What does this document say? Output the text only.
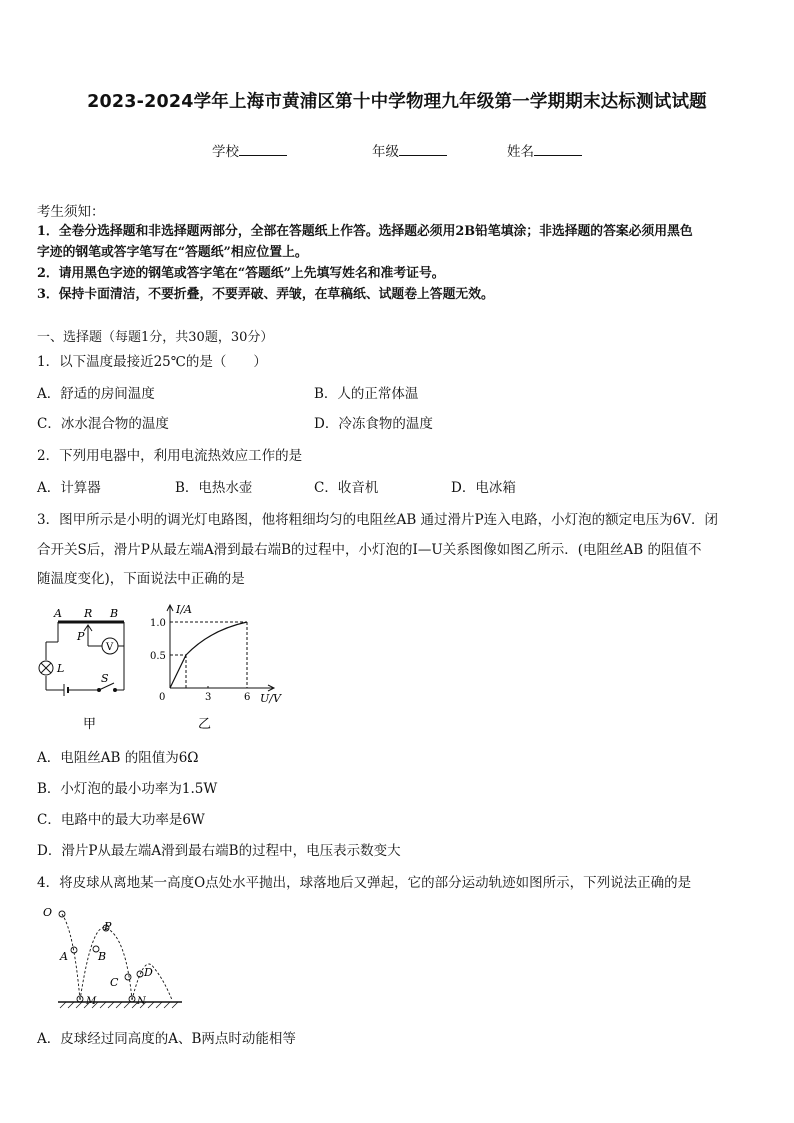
2023-2024学年上海市黄浦区第十中学物理九年级第一学期期末达标测试试题
学校	年级	姓名
考生须知：
1．全卷分选择题和非选择题两部分，全部在答题纸上作答。选择题必须用2B铅笔填涂；非选择题的答案必须用黑色
字迹的钢笔或答字笔写在“答题纸”相应位置上。
2．请用黑色字迹的钢笔或答字笔在“答题纸”上先填写姓名和准考证号。
3．保持卡面清洁，不要折叠，不要弄破、弄皱，在草稿纸、试题卷上答题无效。
一、选择题（每题1分，共30题，30分）
1．以下温度最接近25℃的是（　　）
A．舒适的房间温度	B．人的正常体温
C．冰水混合物的温度	D．冷冻食物的温度
2．下列用电器中，利用电流热效应工作的是
A．计算器	B．电热水壶	C．收音机	D．电冰箱
3．图甲所示是小明的调光灯电路图，他将粗细均匀的电阻丝AB 通过滑片P连入电路，小灯泡的额定电压为6V．闭
合开关S后，滑片P从最左端A滑到最右端B的过程中，小灯泡的I—U关系图像如图乙所示．(电阻丝AB 的阻值不
随温度变化)，下面说法中正确的是
A R B
P
V
L
S
甲
I/A
1.0
0.5
0	3	6 U/V
乙
A．电阻丝AB 的阻值为6Ω
B．小灯泡的最小功率为1.5W
C．电路中的最大功率是6W
D．滑片P从最左端A滑到最右端B的过程中，电压表示数变大
4．将皮球从离地某一高度O点处水平抛出，球落地后又弹起，它的部分运动轨迹如图所示，下列说法正确的是
O
A
P
B
C
D
M	N
A．皮球经过同高度的A、B两点时动能相等
